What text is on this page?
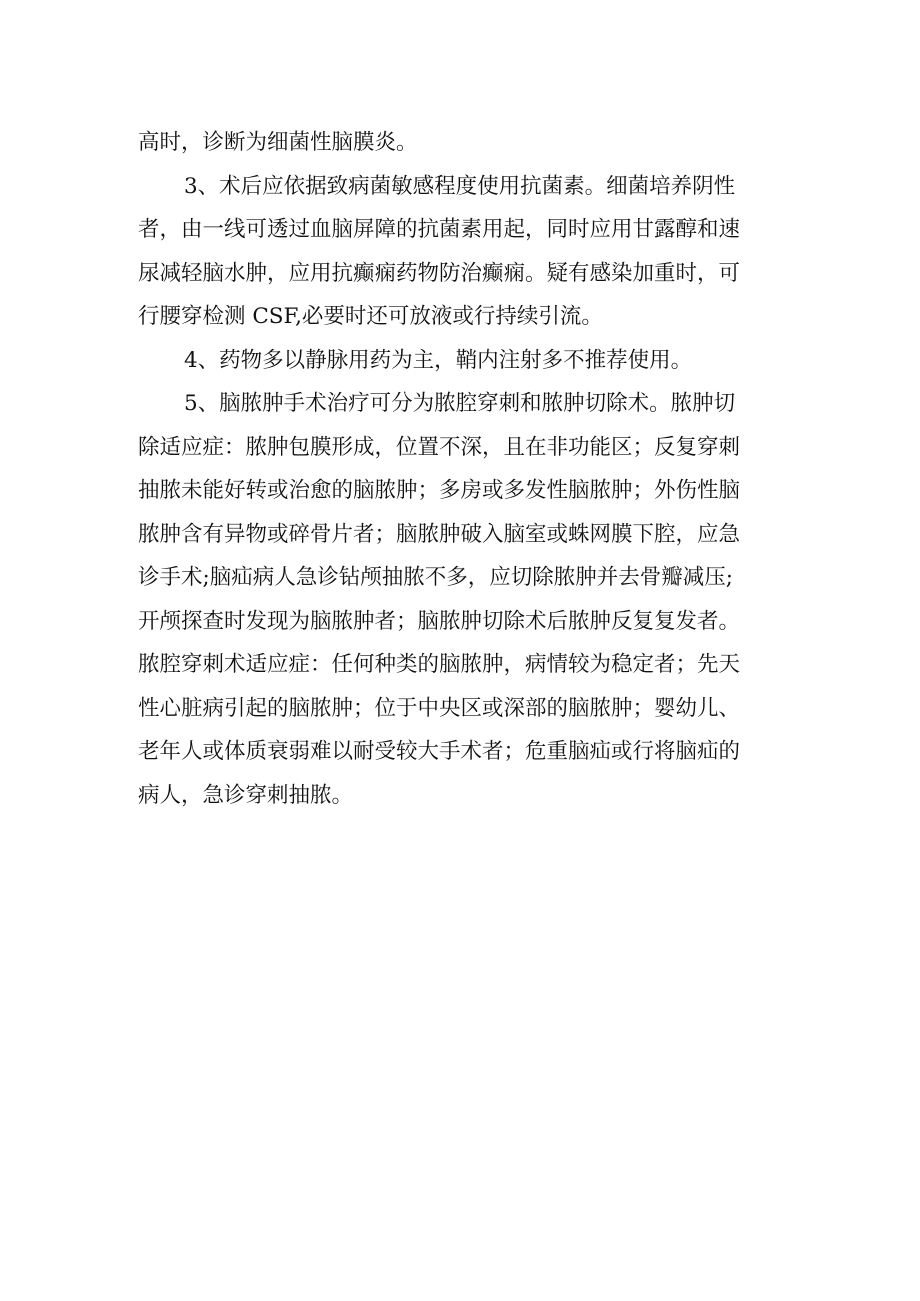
高时，诊断为细菌性脑膜炎。
3、术后应依据致病菌敏感程度使用抗菌素。细菌培养阴性
者，由一线可透过血脑屏障的抗菌素用起，同时应用甘露醇和速
尿减轻脑水肿，应用抗癫痫药物防治癫痫。疑有感染加重时，可
行腰穿检测 CSF,必要时还可放液或行持续引流。
4、药物多以静脉用药为主，鞘内注射多不推荐使用。
5、脑脓肿手术治疗可分为脓腔穿刺和脓肿切除术。脓肿切
除适应症：脓肿包膜形成，位置不深，且在非功能区；反复穿刺
抽脓未能好转或治愈的脑脓肿；多房或多发性脑脓肿；外伤性脑
脓肿含有异物或碎骨片者；脑脓肿破入脑室或蛛网膜下腔，应急
诊手术;脑疝病人急诊钻颅抽脓不多，应切除脓肿并去骨瓣减压;
开颅探查时发现为脑脓肿者；脑脓肿切除术后脓肿反复复发者。
脓腔穿刺术适应症：任何种类的脑脓肿，病情较为稳定者；先天
性心脏病引起的脑脓肿；位于中央区或深部的脑脓肿；婴幼儿、
老年人或体质衰弱难以耐受较大手术者；危重脑疝或行将脑疝的
病人，急诊穿刺抽脓。
